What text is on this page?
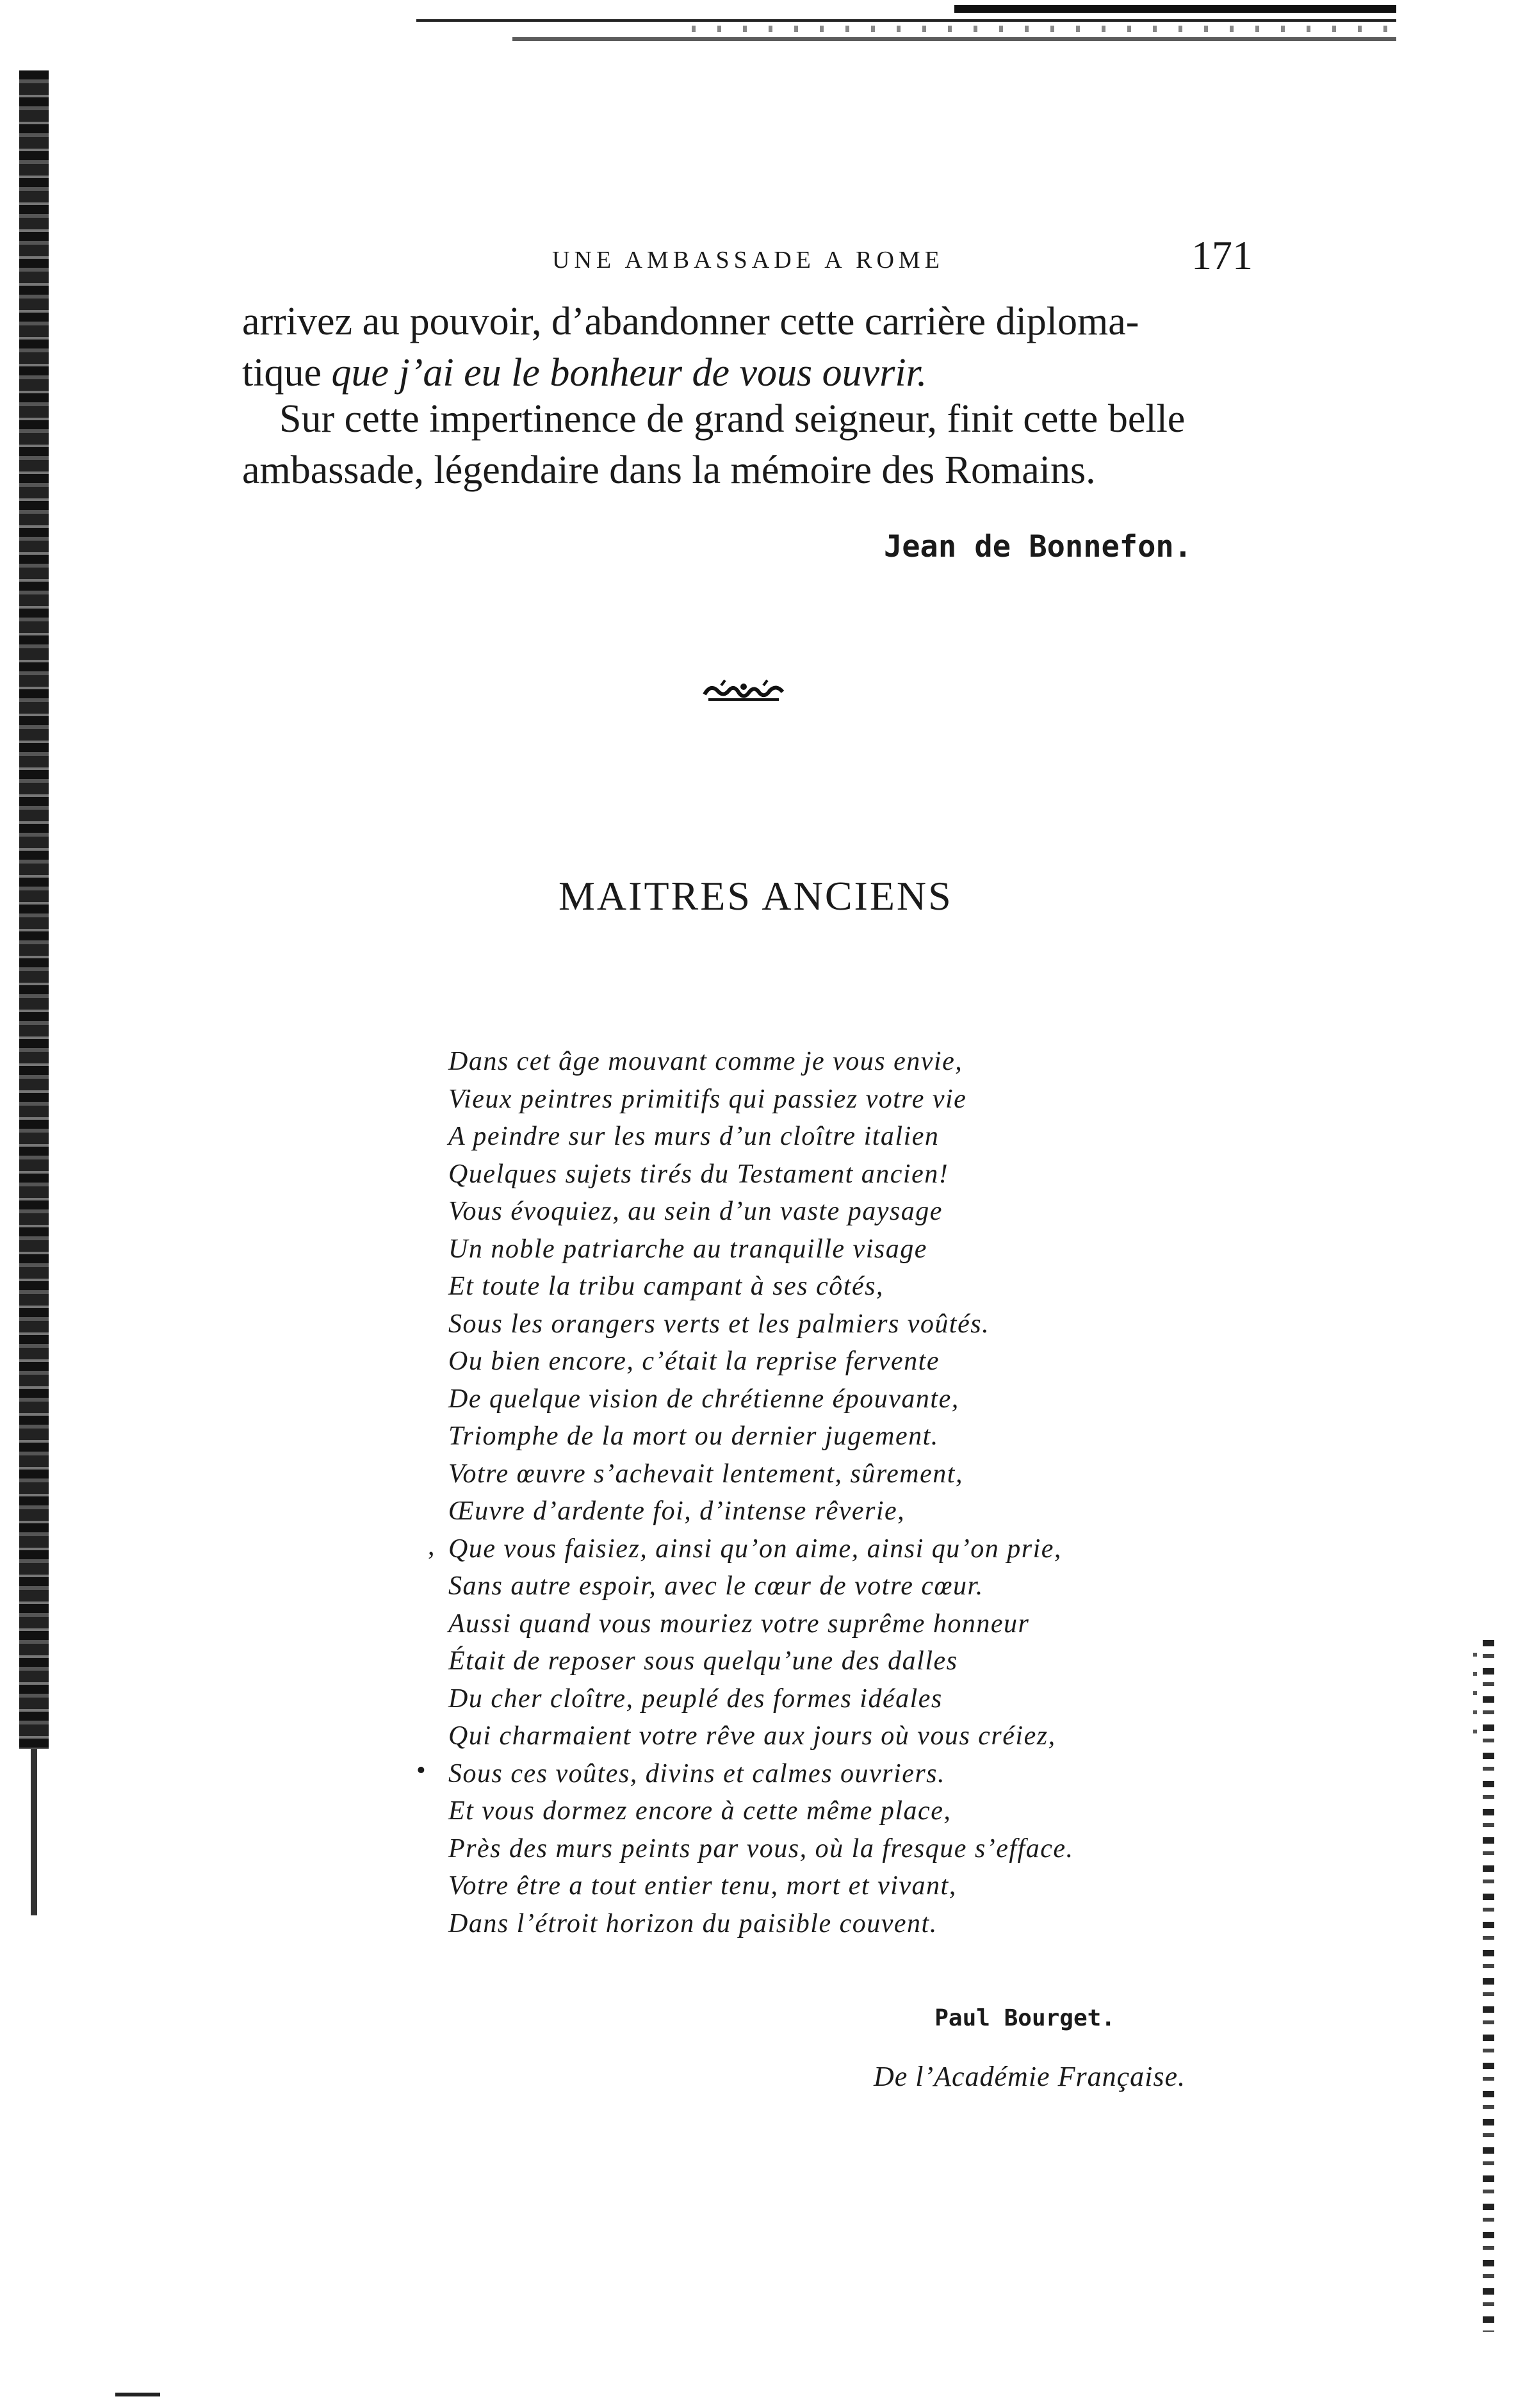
UNE AMBASSADE A ROME	171
arrivez au pouvoir, d’abandonner cette carrière diploma-
tique que j’ai eu le bonheur de vous ouvrir.
Sur cette impertinence de grand seigneur, finit cette belle
ambassade, légendaire dans la mémoire des Romains.
Jean de Bonnefon.
MAITRES ANCIENS
Dans cet âge mouvant comme je vous envie,
Vieux peintres primitifs qui passiez votre vie
A peindre sur les murs d’un cloître italien
Quelques sujets tirés du Testament ancien!
Vous évoquiez, au sein d’un vaste paysage
Un noble patriarche au tranquille visage
Et toute la tribu campant à ses côtés,
Sous les orangers verts et les palmiers voûtés.
Ou bien encore, c’était la reprise fervente
De quelque vision de chrétienne épouvante,
Triomphe de la mort ou dernier jugement.
Votre œuvre s’achevait lentement, sûrement,
Œuvre d’ardente foi, d’intense rêverie,
Que vous faisiez, ainsi qu’on aime, ainsi qu’on prie,
Sans autre espoir, avec le cœur de votre cœur.
Aussi quand vous mouriez votre suprême honneur
Était de reposer sous quelqu’une des dalles
Du cher cloître, peuplé des formes idéales
Qui charmaient votre rêve aux jours où vous créiez,
Sous ces voûtes, divins et calmes ouvriers.
Et vous dormez encore à cette même place,
Près des murs peints par vous, où la fresque s’efface.
Votre être a tout entier tenu, mort et vivant,
Dans l’étroit horizon du paisible couvent.
,
•
Paul Bourget.
De l’Académie Française.
